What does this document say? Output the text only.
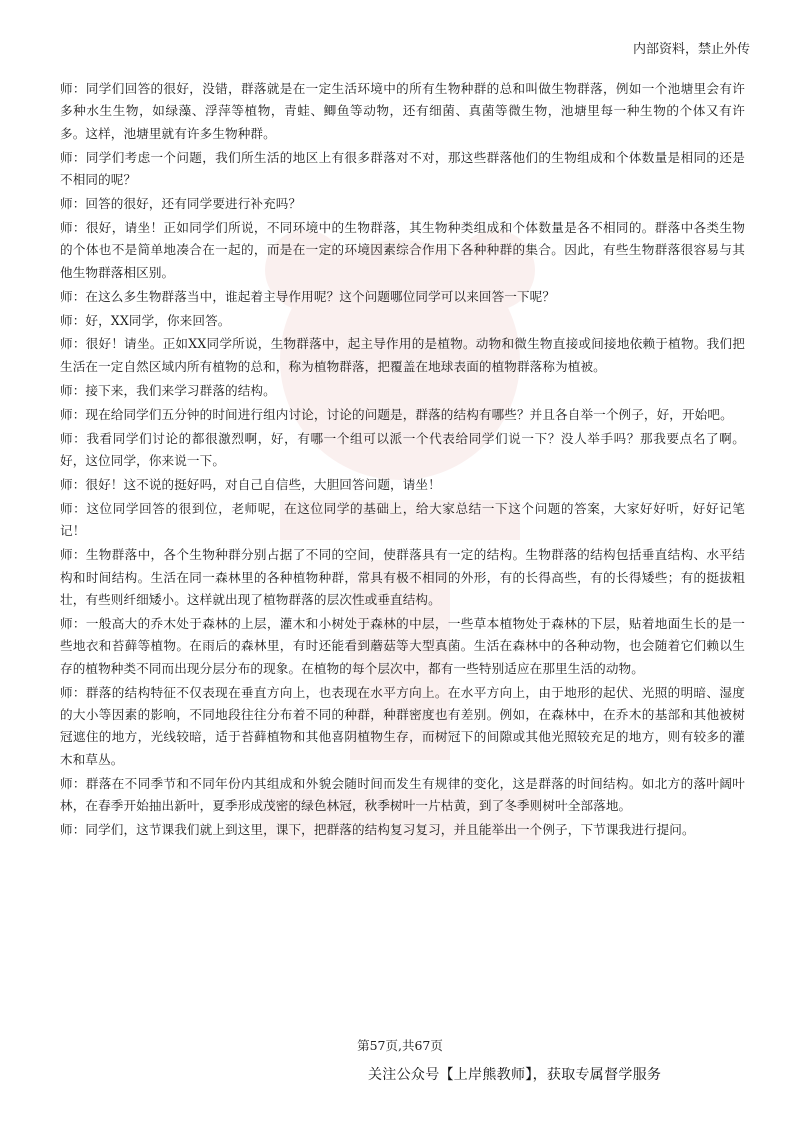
内部资料，禁止外传

师：同学们回答的很好，没错，群落就是在一定生活环境中的所有生物种群的总和叫做生物群落，例如一个池塘里会有许多种水生生物，如绿藻、浮萍等植物，青蛙、鲫鱼等动物，还有细菌、真菌等微生物，池塘里每一种生物的个体又有许多。这样，池塘里就有许多生物种群。

师：同学们考虑一个问题，我们所生活的地区上有很多群落对不对，那这些群落他们的生物组成和个体数量是相同的还是不相同的呢？

师：回答的很好，还有同学要进行补充吗？

师：很好，请坐！正如同学们所说，不同环境中的生物群落，其生物种类组成和个体数量是各不相同的。群落中各类生物的个体也不是简单地凑合在一起的，而是在一定的环境因素综合作用下各种种群的集合。因此，有些生物群落很容易与其他生物群落相区别。

师：在这么多生物群落当中，谁起着主导作用呢？这个问题哪位同学可以来回答一下呢？

师：好，XX同学，你来回答。

师：很好！请坐。正如XX同学所说，生物群落中，起主导作用的是植物。动物和微生物直接或间接地依赖于植物。我们把生活在一定自然区域内所有植物的总和，称为植物群落，把覆盖在地球表面的植物群落称为植被。

师：接下来，我们来学习群落的结构。

师：现在给同学们五分钟的时间进行组内讨论，讨论的问题是，群落的结构有哪些？并且各自举一个例子，好，开始吧。

师：我看同学们讨论的都很激烈啊，好，有哪一个组可以派一个代表给同学们说一下？没人举手吗？那我要点名了啊。好，这位同学，你来说一下。

师：很好！这不说的挺好吗，对自己自信些，大胆回答问题，请坐！

师：这位同学回答的很到位，老师呢，在这位同学的基础上，给大家总结一下这个问题的答案，大家好好听，好好记笔记！

师：生物群落中，各个生物种群分别占据了不同的空间，使群落具有一定的结构。生物群落的结构包括垂直结构、水平结构和时间结构。生活在同一森林里的各种植物种群，常具有极不相同的外形，有的长得高些，有的长得矮些；有的挺拔粗壮，有些则纤细矮小。这样就出现了植物群落的层次性或垂直结构。

师：一般高大的乔木处于森林的上层，灌木和小树处于森林的中层，一些草本植物处于森林的下层，贴着地面生长的是一些地衣和苔藓等植物。在雨后的森林里，有时还能看到蘑菇等大型真菌。生活在森林中的各种动物，也会随着它们赖以生存的植物种类不同而出现分层分布的现象。在植物的每个层次中，都有一些特别适应在那里生活的动物。

师：群落的结构特征不仅表现在垂直方向上，也表现在水平方向上。在水平方向上，由于地形的起伏、光照的明暗、湿度的大小等因素的影响，不同地段往往分布着不同的种群，种群密度也有差别。例如，在森林中，在乔木的基部和其他被树冠遮住的地方，光线较暗，适于苔藓植物和其他喜阴植物生存，而树冠下的间隙或其他光照较充足的地方，则有较多的灌木和草丛。

师：群落在不同季节和不同年份内其组成和外貌会随时间而发生有规律的变化，这是群落的时间结构。如北方的落叶阔叶林，在春季开始抽出新叶，夏季形成茂密的绿色林冠，秋季树叶一片枯黄，到了冬季则树叶全部落地。

师：同学们，这节课我们就上到这里，课下，把群落的结构复习复习，并且能举出一个例子，下节课我进行提问。

第57页,共67页
关注公众号【上岸熊教师】，获取专属督学服务
